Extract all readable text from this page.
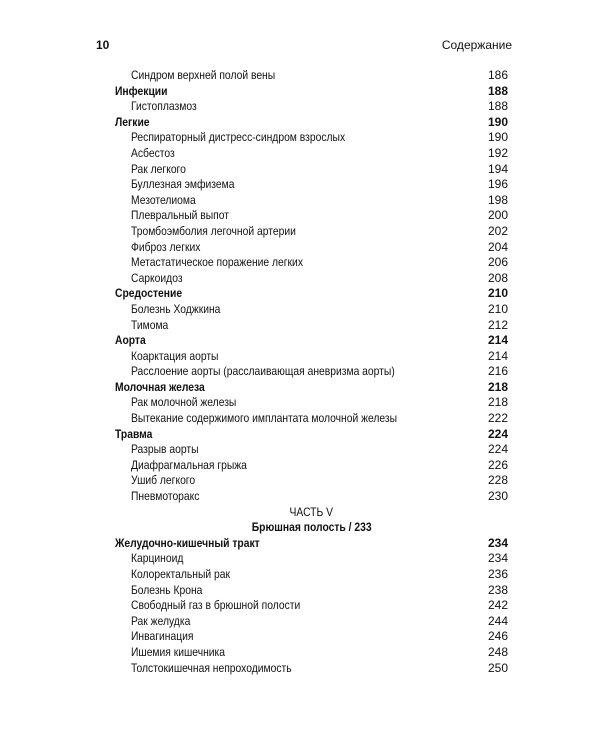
10	Содержание
Синдром верхней полой вены	186
Инфекции	188
Гистоплазмоз	188
Легкие	190
Респираторный дистресс-синдром взрослых	190
Асбестоз	192
Рак легкого	194
Буллезная эмфизема	196
Мезотелиома	198
Плевральный выпот	200
Тромбоэмболия легочной артерии	202
Фиброз легких	204
Метастатическое поражение легких	206
Саркоидоз	208
Средостение	210
Болезнь Ходжкина	210
Тимома	212
Аорта	214
Коарктация аорты	214
Расслоение аорты (расслаивающая аневризма аорты)	216
Молочная железа	218
Рак молочной железы	218
Вытекание содержимого имплантата молочной железы	222
Травма	224
Разрыв аорты	224
Диафрагмальная грыжа	226
Ушиб легкого	228
Пневмоторакс	230
ЧАСТЬ V
Брюшная полость / 233
Желудочно-кишечный тракт	234
Карциноид	234
Колоректальный рак	236
Болезнь Крона	238
Свободный газ в брюшной полости	242
Рак желудка	244
Инвагинация	246
Ишемия кишечника	248
Толстокишечная непроходимость	250
